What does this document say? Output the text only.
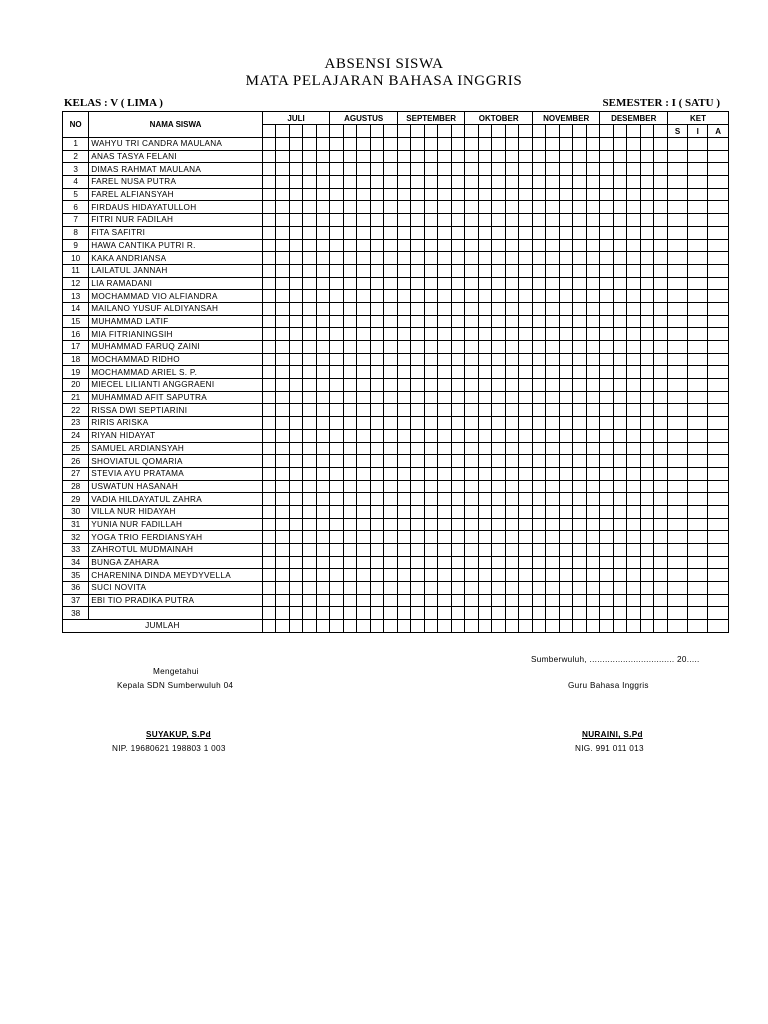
ABSENSI SISWA
MATA PELAJARAN BAHASA INGGRIS
KELAS : V ( LIMA )	SEMESTER : I ( SATU )
NO	NAMA SISWA	JULI					AGUSTUS					SEPTEMBER					OKTOBER					NOVEMBER					DESEMBER					KET		
																																S	I	A
1	WAHYU TRI CANDRA MAULANA																																	
2	ANAS TASYA FELANI																																	
3	DIMAS RAHMAT MAULANA																																	
4	FAREL NUSA PUTRA																																	
5	FAREL ALFIANSYAH																																	
6	FIRDAUS HIDAYATULLOH																																	
7	FITRI NUR FADILAH																																	
8	FITA SAFITRI																																	
9	HAWA CANTIKA PUTRI R.																																	
10	KAKA ANDRIANSA																																	
11	LAILATUL JANNAH																																	
12	LIA RAMADANI																																	
13	MOCHAMMAD VIO ALFIANDRA																																	
14	MAILANO YUSUF ALDIYANSAH																																	
15	MUHAMMAD LATIF																																	
16	MIA FITRIANINGSIH																																	
17	MUHAMMAD FARUQ ZAINI																																	
18	MOCHAMMAD RIDHO																																	
19	MOCHAMMAD ARIEL S. P.																																	
20	MIECEL LILIANTI ANGGRAENI																																	
21	MUHAMMAD AFIT SAPUTRA																																	
22	RISSA DWI SEPTIARINI																																	
23	RIRIS ARISKA																																	
24	RIYAN HIDAYAT																																	
25	SAMUEL ARDIANSYAH																																	
26	SHOVIATUL QOMARIA																																	
27	STEVIA AYU PRATAMA																																	
28	USWATUN HASANAH																																	
29	VADIA HILDAYATUL ZAHRA																																	
30	VILLA NUR HIDAYAH																																	
31	YUNIA NUR FADILLAH																																	
32	YOGA TRIO FERDIANSYAH																																	
33	ZAHROTUL MUDMAINAH																																	
34	BUNGA ZAHARA																																	
35	CHARENINA DINDA MEYDYVELLA																																	
36	SUCI NOVITA																																	
37	EBI TIO PRADIKA PUTRA																																	
38																																		
JUMLAH																																		
Sumberwuluh, ................................. 20.....
Mengetahui
Kepala SDN Sumberwuluh 04	Guru Bahasa Inggris
SUYAKUP, S.Pd	NURAINI, S.Pd
NIP. 19680621 198803 1 003	NIG. 991 011 013
